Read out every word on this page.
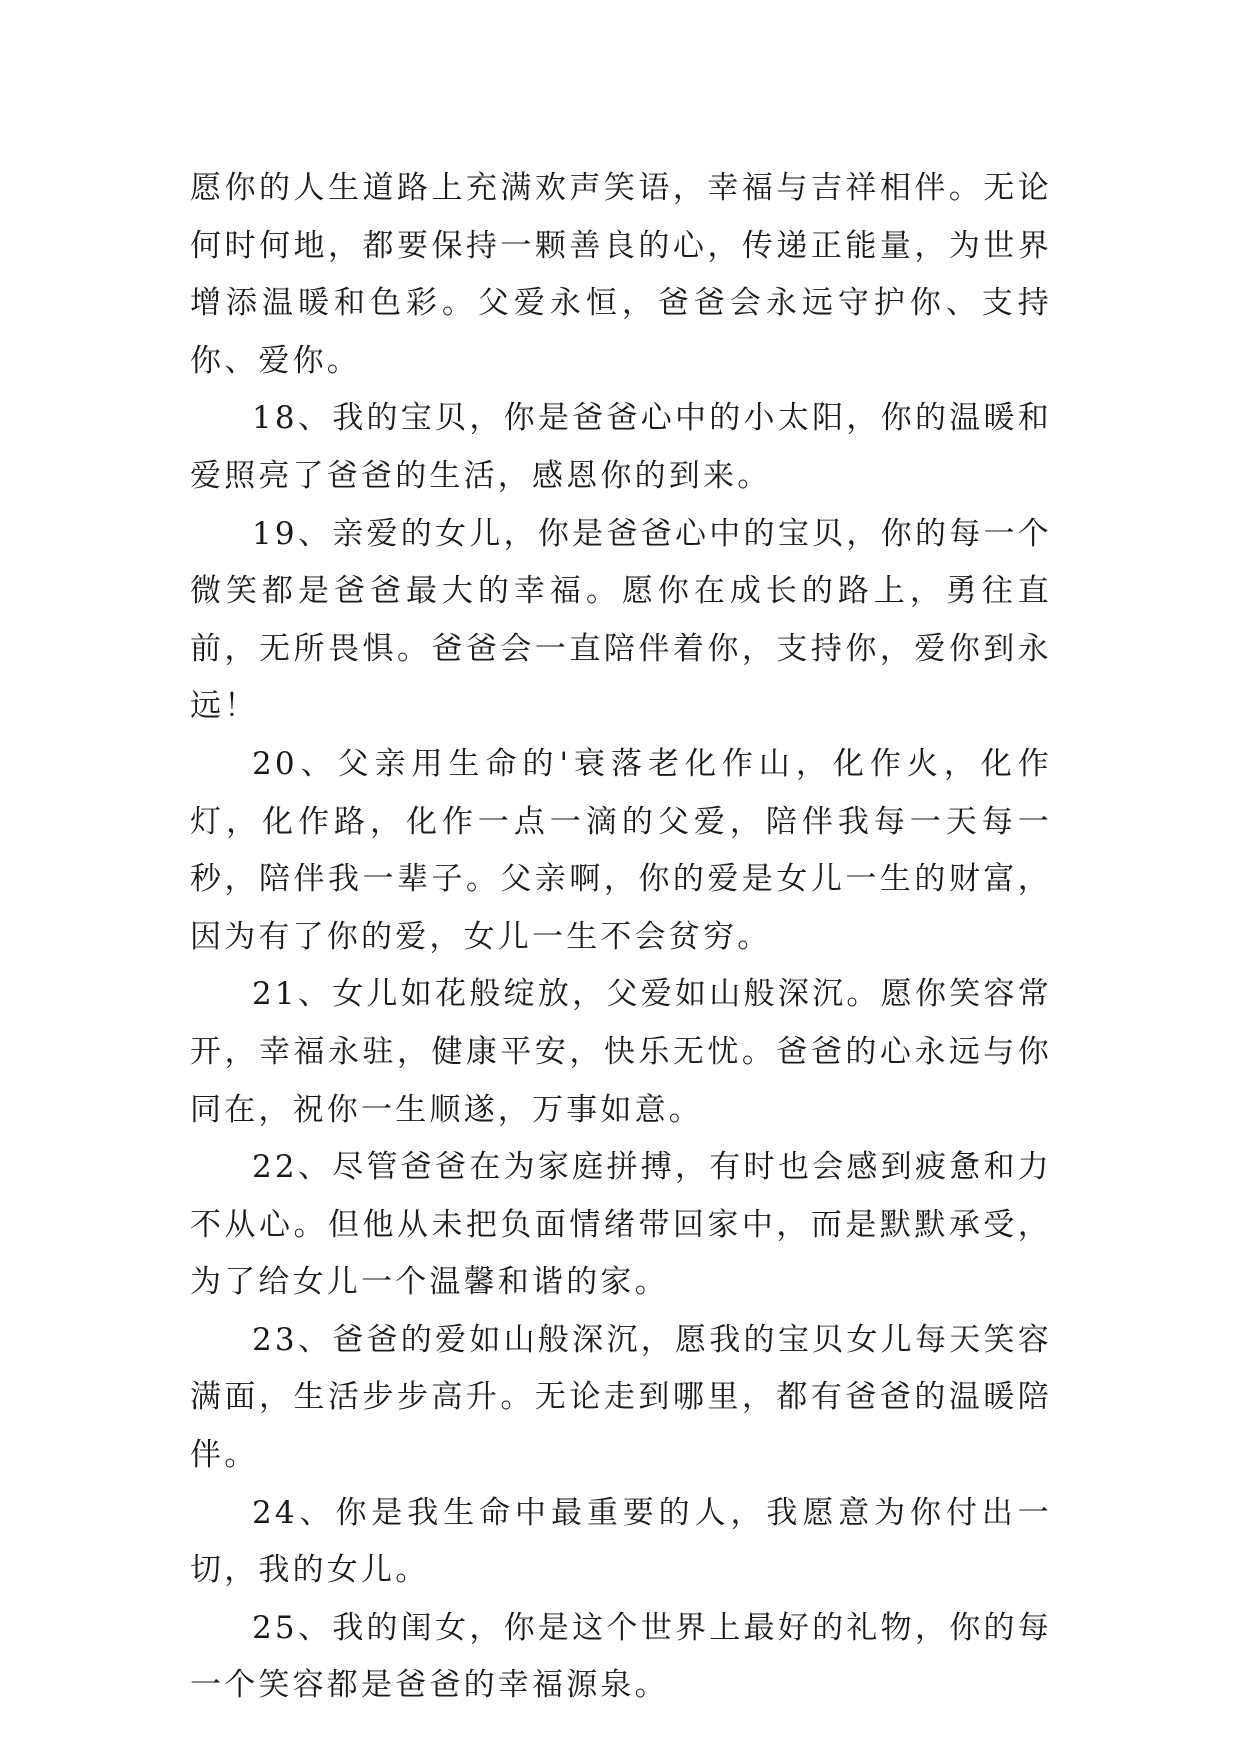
愿你的人生道路上充满欢声笑语，幸福与吉祥相伴。无论何时何地，都要保持一颗善良的心，传递正能量，为世界增添温暖和色彩。父爱永恒，爸爸会永远守护你、支持你、爱你。

18、我的宝贝，你是爸爸心中的小太阳，你的温暖和爱照亮了爸爸的生活，感恩你的到来。

19、亲爱的女儿，你是爸爸心中的宝贝，你的每一个微笑都是爸爸最大的幸福。愿你在成长的路上，勇往直前，无所畏惧。爸爸会一直陪伴着你，支持你，爱你到永远！

20、父亲用生命的'衰落老化作山，化作火，化作灯，化作路，化作一点一滴的父爱，陪伴我每一天每一秒，陪伴我一辈子。父亲啊，你的爱是女儿一生的财富，因为有了你的爱，女儿一生不会贫穷。

21、女儿如花般绽放，父爱如山般深沉。愿你笑容常开，幸福永驻，健康平安，快乐无忧。爸爸的心永远与你同在，祝你一生顺遂，万事如意。

22、尽管爸爸在为家庭拼搏，有时也会感到疲惫和力不从心。但他从未把负面情绪带回家中，而是默默承受，为了给女儿一个温馨和谐的家。

23、爸爸的爱如山般深沉，愿我的宝贝女儿每天笑容满面，生活步步高升。无论走到哪里，都有爸爸的温暖陪伴。

24、你是我生命中最重要的人，我愿意为你付出一切，我的女儿。

25、我的闺女，你是这个世界上最好的礼物，你的每一个笑容都是爸爸的幸福源泉。
